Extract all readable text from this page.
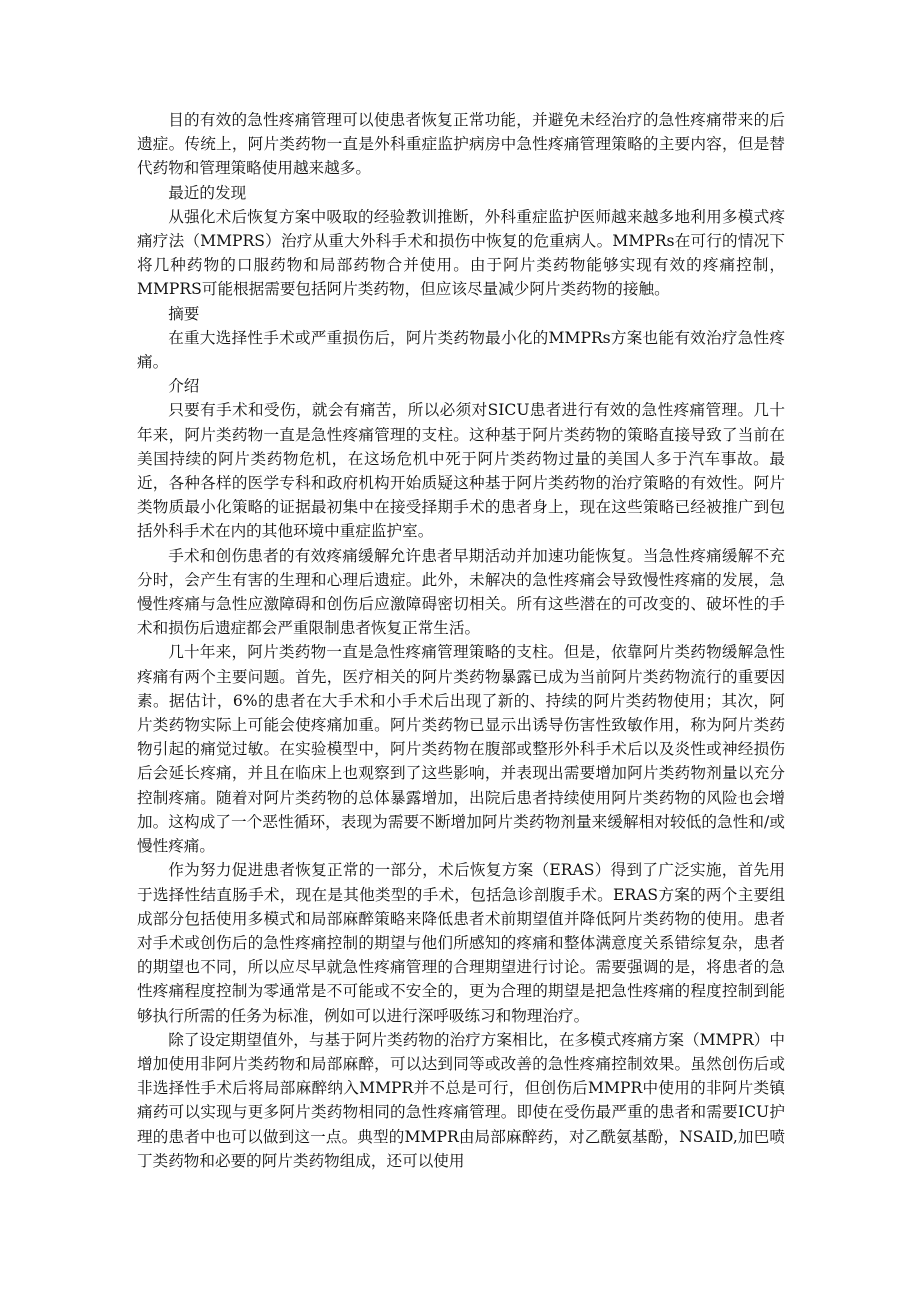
目的有效的急性疼痛管理可以使患者恢复正常功能，并避免未经治疗的急性疼痛带来的后遗症。传统上，阿片类药物一直是外科重症监护病房中急性疼痛管理策略的主要内容，但是替代药物和管理策略使用越来越多。

最近的发现

从强化术后恢复方案中吸取的经验教训推断，外科重症监护医师越来越多地利用多模式疼痛疗法（MMPRS）治疗从重大外科手术和损伤中恢复的危重病人。MMPRs在可行的情况下将几种药物的口服药物和局部药物合并使用。由于阿片类药物能够实现有效的疼痛控制，MMPRS可能根据需要包括阿片类药物，但应该尽量减少阿片类药物的接触。

摘要

在重大选择性手术或严重损伤后，阿片类药物最小化的MMPRs方案也能有效治疗急性疼痛。

介绍

只要有手术和受伤，就会有痛苦，所以必须对SICU患者进行有效的急性疼痛管理。几十年来，阿片类药物一直是急性疼痛管理的支柱。这种基于阿片类药物的策略直接导致了当前在美国持续的阿片类药物危机，在这场危机中死于阿片类药物过量的美国人多于汽车事故。最近，各种各样的医学专科和政府机构开始质疑这种基于阿片类药物的治疗策略的有效性。阿片类物质最小化策略的证据最初集中在接受择期手术的患者身上，现在这些策略已经被推广到包括外科手术在内的其他环境中重症监护室。

手术和创伤患者的有效疼痛缓解允许患者早期活动并加速功能恢复。当急性疼痛缓解不充分时，会产生有害的生理和心理后遗症。此外，未解决的急性疼痛会导致慢性疼痛的发展，急慢性疼痛与急性应激障碍和创伤后应激障碍密切相关。所有这些潜在的可改变的、破坏性的手术和损伤后遗症都会严重限制患者恢复正常生活。

几十年来，阿片类药物一直是急性疼痛管理策略的支柱。但是，依靠阿片类药物缓解急性疼痛有两个主要问题。首先，医疗相关的阿片类药物暴露已成为当前阿片类药物流行的重要因素。据估计，6%的患者在大手术和小手术后出现了新的、持续的阿片类药物使用；其次，阿片类药物实际上可能会使疼痛加重。阿片类药物已显示出诱导伤害性致敏作用，称为阿片类药物引起的痛觉过敏。在实验模型中，阿片类药物在腹部或整形外科手术后以及炎性或神经损伤后会延长疼痛，并且在临床上也观察到了这些影响，并表现出需要增加阿片类药物剂量以充分控制疼痛。随着对阿片类药物的总体暴露增加，出院后患者持续使用阿片类药物的风险也会增加。这构成了一个恶性循环，表现为需要不断增加阿片类药物剂量来缓解相对较低的急性和/或慢性疼痛。

作为努力促进患者恢复正常的一部分，术后恢复方案（ERAS）得到了广泛实施，首先用于选择性结直肠手术，现在是其他类型的手术，包括急诊剖腹手术。ERAS方案的两个主要组成部分包括使用多模式和局部麻醉策略来降低患者术前期望值并降低阿片类药物的使用。患者对手术或创伤后的急性疼痛控制的期望与他们所感知的疼痛和整体满意度关系错综复杂，患者的期望也不同，所以应尽早就急性疼痛管理的合理期望进行讨论。需要强调的是，将患者的急性疼痛程度控制为零通常是不可能或不安全的，更为合理的期望是把急性疼痛的程度控制到能够执行所需的任务为标准，例如可以进行深呼吸练习和物理治疗。

除了设定期望值外，与基于阿片类药物的治疗方案相比，在多模式疼痛方案（MMPR）中增加使用非阿片类药物和局部麻醉，可以达到同等或改善的急性疼痛控制效果。虽然创伤后或非选择性手术后将局部麻醉纳入MMPR并不总是可行，但创伤后MMPR中使用的非阿片类镇痛药可以实现与更多阿片类药物相同的急性疼痛管理。即使在受伤最严重的患者和需要ICU护理的患者中也可以做到这一点。典型的MMPR由局部麻醉药，对乙酰氨基酚，NSAID,加巴喷丁类药物和必要的阿片类药物组成，还可以使用
